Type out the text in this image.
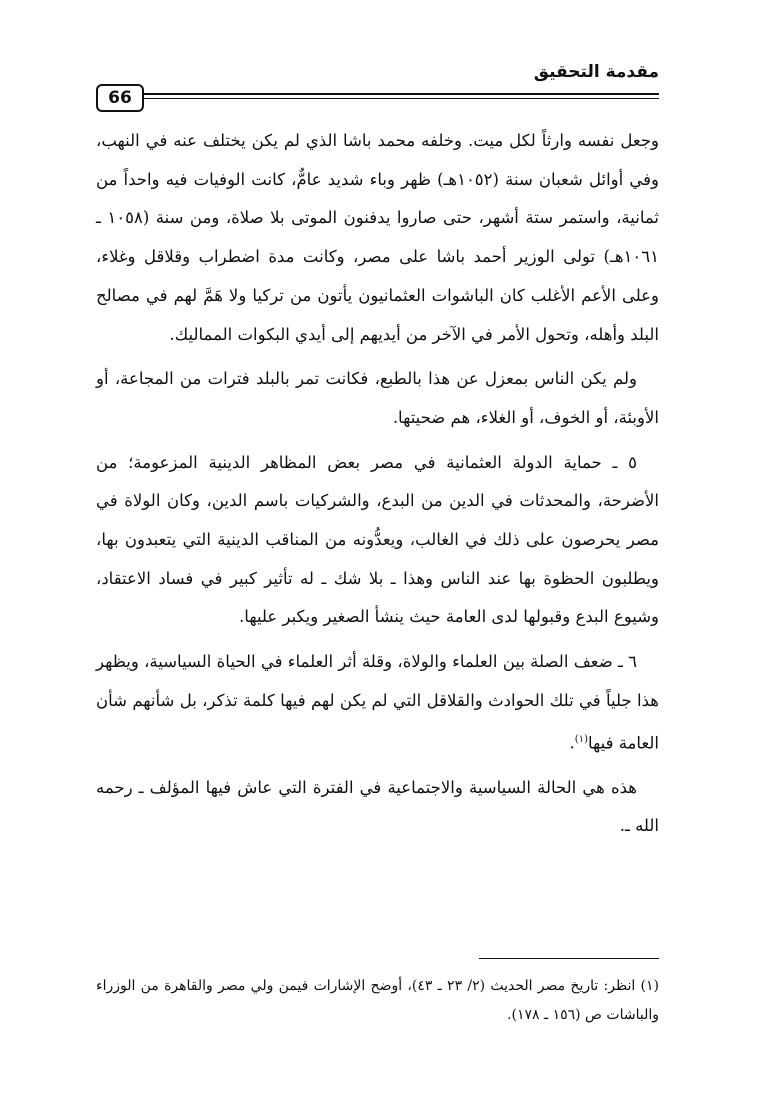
مقدمة التحقيق
66

وجعل نفسه وارثاً لكل ميت. وخلفه محمد باشا الذي لم يكن يختلف عنه في النهب، وفي أوائل شعبان سنة (١٠٥٢هـ) ظهر وباء شديد عامٌّ، كانت الوفيات فيه واحداً من ثمانية، واستمر ستة أشهر، حتى صاروا يدفنون الموتى بلا صلاة، ومن سنة (١٠٥٨ ـ ١٠٦١هـ) تولى الوزير أحمد باشا على مصر، وكانت مدة اضطراب وقلاقل وغلاء، وعلى الأعم الأغلب كان الباشوات العثمانيون يأتون من تركيا ولا هَمَّ لهم في مصالح البلد وأهله، وتحول الأمر في الآخر من أيديهم إلى أيدي البكوات المماليك.

ولم يكن الناس بمعزل عن هذا بالطبع، فكانت تمر بالبلد فترات من المجاعة، أو الأوبئة، أو الخوف، أو الغلاء، هم ضحيتها.

٥ ـ حماية الدولة العثمانية في مصر بعض المظاهر الدينية المزعومة؛ من الأضرحة، والمحدثات في الدين من البدع، والشركيات باسم الدين، وكان الولاة في مصر يحرصون على ذلك في الغالب، ويعدُّونه من المناقب الدينية التي يتعبدون بها، ويطلبون الحظوة بها عند الناس وهذا ـ بلا شك ـ له تأثير كبير في فساد الاعتقاد، وشيوع البدع وقبولها لدى العامة حيث ينشأ الصغير ويكبر عليها.

٦ ـ ضعف الصلة بين العلماء والولاة، وقلة أثر العلماء في الحياة السياسية، ويظهر هذا جلياً في تلك الحوادث والقلاقل التي لم يكن لهم فيها كلمة تذكر، بل شأنهم شأن العامة فيها$^{(١)}$.

هذه هي الحالة السياسية والاجتماعية في الفترة التي عاش فيها المؤلف ـ رحمه الله ـ.

(١) انظر: تاريخ مصر الحديث (٢/ ٢٣ ـ ٤٣)، أوضح الإشارات فيمن ولي مصر والقاهرة من الوزراء والباشات ص (١٥٦ ـ ١٧٨).
